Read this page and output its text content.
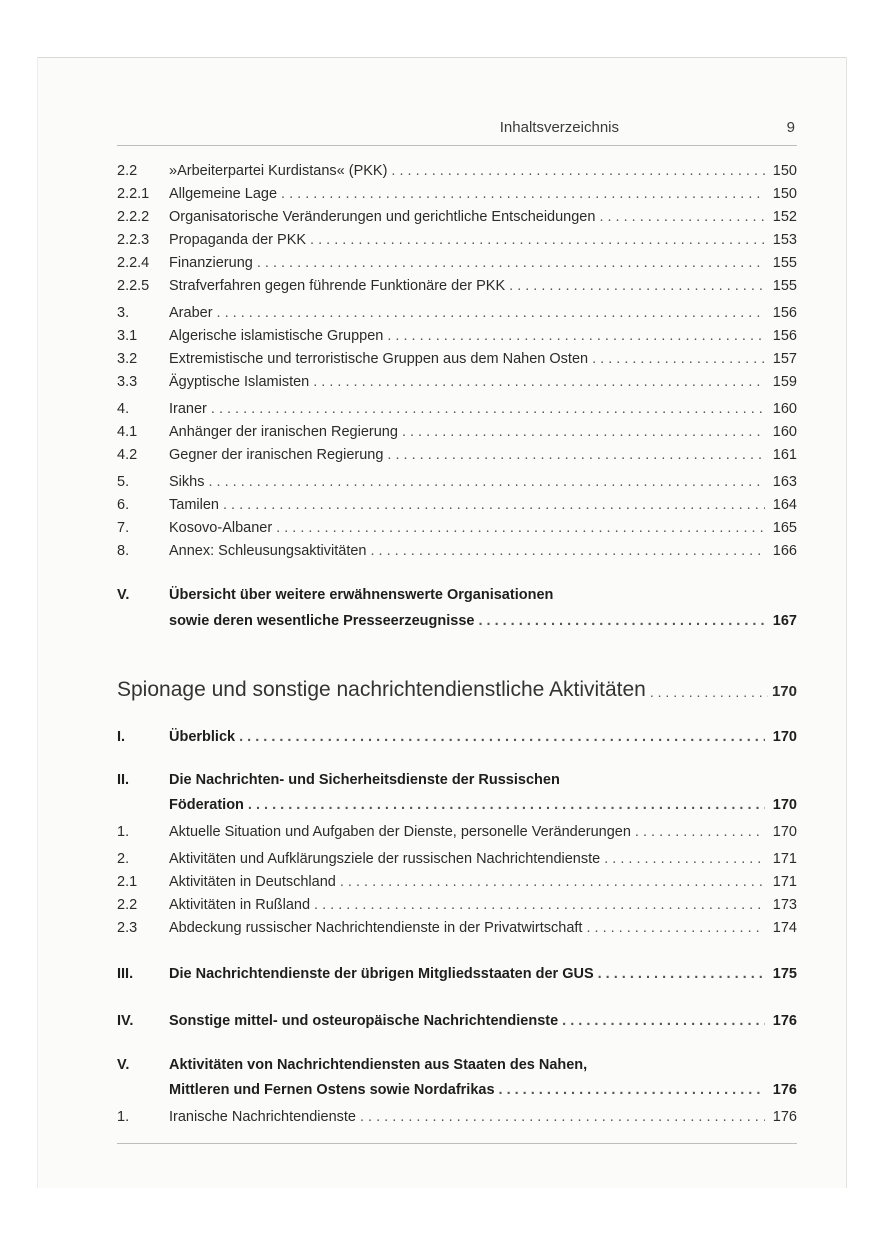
Inhaltsverzeichnis	9
2.2	»Arbeiterpartei Kurdistans« (PKK) . . .	150
2.2.1	Allgemeine Lage . . .	150
2.2.2	Organisatorische Veränderungen und gerichtliche Entscheidungen . . .	152
2.2.3	Propaganda der PKK . . .	153
2.2.4	Finanzierung . . .	155
2.2.5	Strafverfahren gegen führende Funktionäre der PKK . . .	155
3.	Araber . . .	156
3.1	Algerische islamistische Gruppen . . .	156
3.2	Extremistische und terroristische Gruppen aus dem Nahen Osten . . .	157
3.3	Ägyptische Islamisten . . .	159
4.	Iraner . . .	160
4.1	Anhänger der iranischen Regierung . . .	160
4.2	Gegner der iranischen Regierung . . .	161
5.	Sikhs . . .	163
6.	Tamilen . . .	164
7.	Kosovo-Albaner . . .	165
8.	Annex: Schleusungsaktivitäten . . .	166
V.	Übersicht über weitere erwähnenswerte Organisationen
sowie deren wesentliche Presseerzeugnisse . . .	167
Spionage und sonstige nachrichtendienstliche Aktivitäten . . .	170
I.	Überblick . . .	170
II.	Die Nachrichten- und Sicherheitsdienste der Russischen
Föderation . . .	170
1.	Aktuelle Situation und Aufgaben der Dienste, personelle Veränderungen . . .	170
2.	Aktivitäten und Aufklärungsziele der russischen Nachrichtendienste . . .	171
2.1	Aktivitäten in Deutschland . . .	171
2.2	Aktivitäten in Rußland . . .	173
2.3	Abdeckung russischer Nachrichtendienste in der Privatwirtschaft . . .	174
III.	Die Nachrichtendienste der übrigen Mitgliedsstaaten der GUS . . .	175
IV.	Sonstige mittel- und osteuropäische Nachrichtendienste . . .	176
V.	Aktivitäten von Nachrichtendiensten aus Staaten des Nahen,
Mittleren und Fernen Ostens sowie Nordafrikas . . .	176
1.	Iranische Nachrichtendienste . . .	176
